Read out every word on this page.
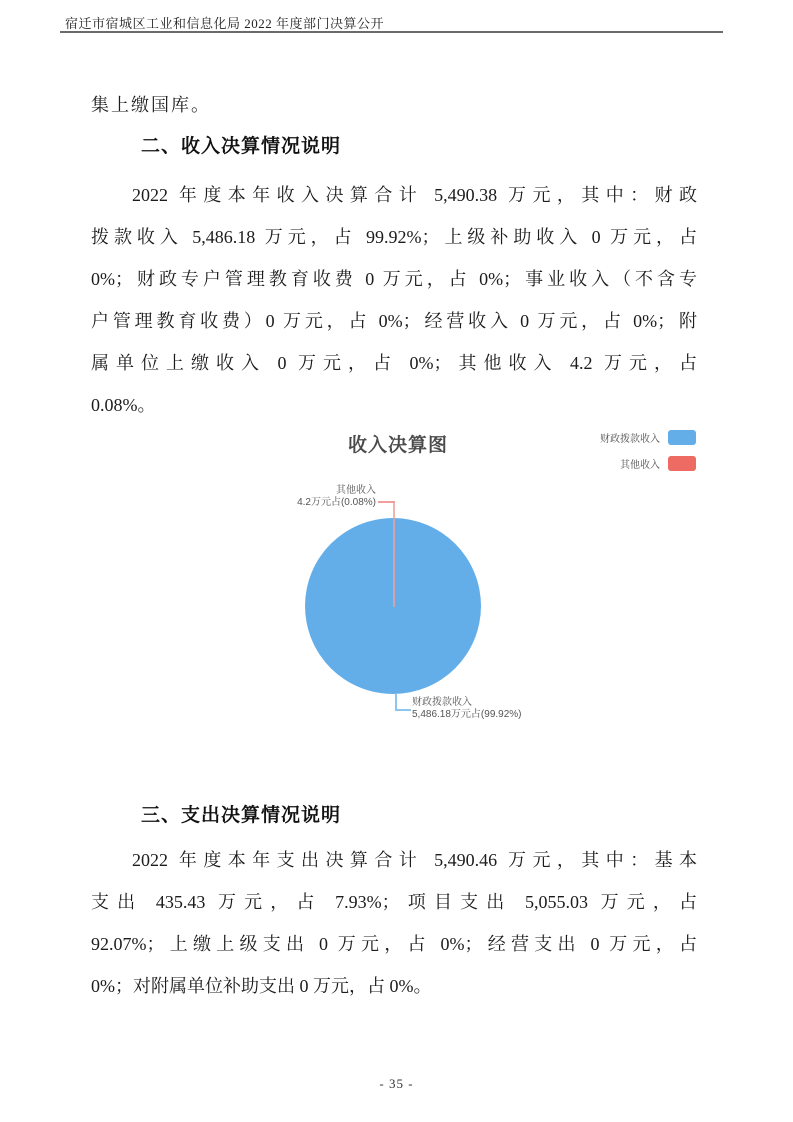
宿迁市宿城区工业和信息化局 2022 年度部门决算公开
集上缴国库。
二、收入决算情况说明
2022 年度本年收入决算合计 5,490.38 万元，其中：财政
拨款收入 5,486.18 万元，占 99.92%；上级补助收入 0 万元，占
0%；财政专户管理教育收费 0 万元，占 0%；事业收入（不含专
户管理教育收费）0 万元，占 0%；经营收入 0 万元，占 0%；附
属单位上缴收入 0 万元，占 0%；其他收入 4.2 万元，占
0.08%。
收入决算图	财政拨款收入
其他收入
其他收入
4.2万元占(0.08%)
财政拨款收入
5,486.18万元占(99.92%)
三、支出决算情况说明
2022 年度本年支出决算合计 5,490.46 万元，其中：基本
支出 435.43 万元，占 7.93%；项目支出 5,055.03 万元，占
92.07%；上缴上级支出 0 万元，占 0%；经营支出 0 万元，占
0%；对附属单位补助支出 0 万元，占 0%。
- 35 -
